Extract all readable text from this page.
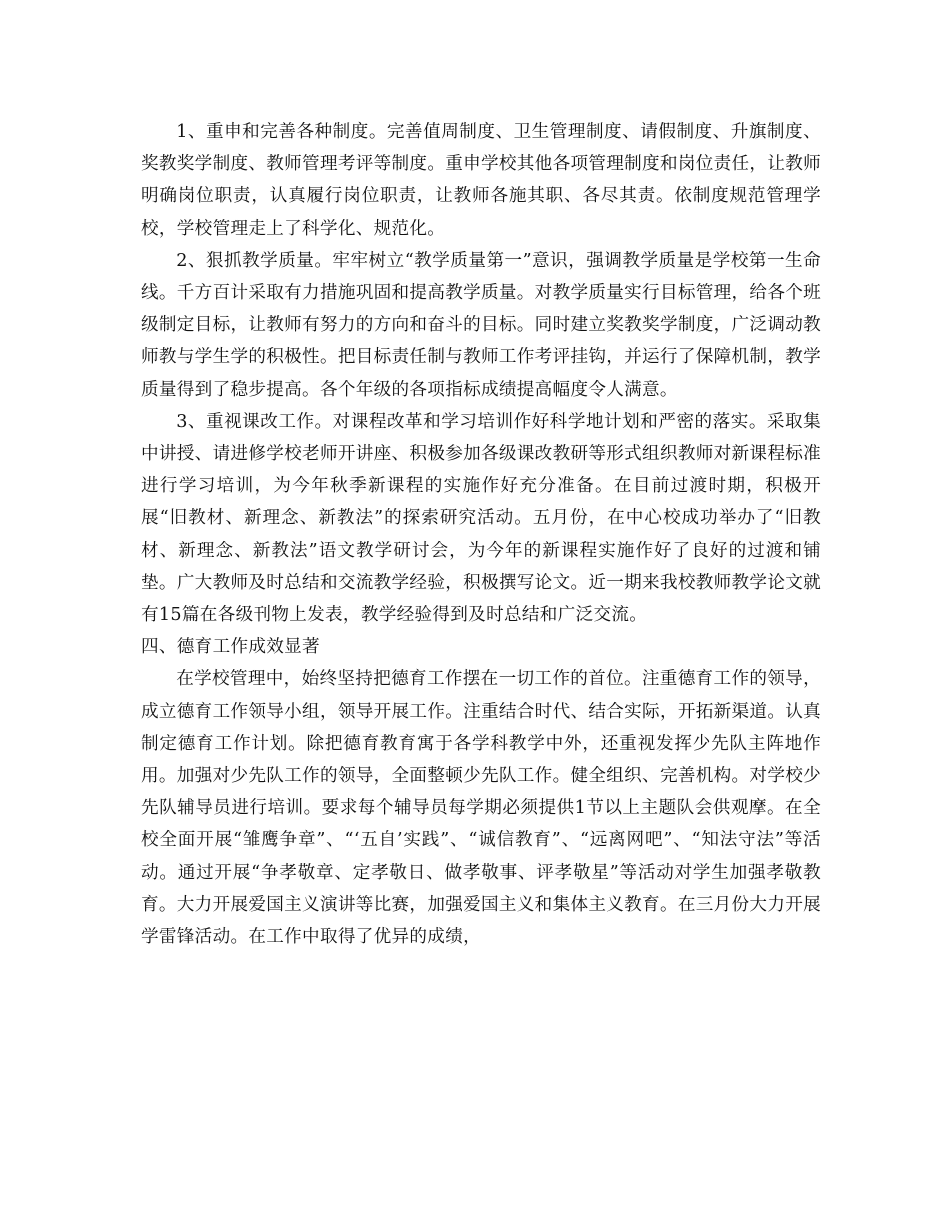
1、重申和完善各种制度。完善值周制度、卫生管理制度、请假制度、升旗制度、奖教奖学制度、教师管理考评等制度。重申学校其他各项管理制度和岗位责任，让教师明确岗位职责，认真履行岗位职责，让教师各施其职、各尽其责。依制度规范管理学校，学校管理走上了科学化、规范化。

2、狠抓教学质量。牢牢树立“教学质量第一”意识，强调教学质量是学校第一生命线。千方百计采取有力措施巩固和提高教学质量。对教学质量实行目标管理，给各个班级制定目标，让教师有努力的方向和奋斗的目标。同时建立奖教奖学制度，广泛调动教师教与学生学的积极性。把目标责任制与教师工作考评挂钩，并运行了保障机制，教学质量得到了稳步提高。各个年级的各项指标成绩提高幅度令人满意。

3、重视课改工作。对课程改革和学习培训作好科学地计划和严密的落实。采取集中讲授、请进修学校老师开讲座、积极参加各级课改教研等形式组织教师对新课程标准进行学习培训，为今年秋季新课程的实施作好充分准备。在目前过渡时期，积极开展“旧教材、新理念、新教法”的探索研究活动。五月份，在中心校成功举办了“旧教材、新理念、新教法”语文教学研讨会，为今年的新课程实施作好了良好的过渡和铺垫。广大教师及时总结和交流教学经验，积极撰写论文。近一期来我校教师教学论文就有15篇在各级刊物上发表，教学经验得到及时总结和广泛交流。

四、德育工作成效显著

在学校管理中，始终坚持把德育工作摆在一切工作的首位。注重德育工作的领导，成立德育工作领导小组，领导开展工作。注重结合时代、结合实际，开拓新渠道。认真制定德育工作计划。除把德育教育寓于各学科教学中外，还重视发挥少先队主阵地作用。加强对少先队工作的领导，全面整顿少先队工作。健全组织、完善机构。对学校少先队辅导员进行培训。要求每个辅导员每学期必须提供1节以上主题队会供观摩。在全校全面开展“雏鹰争章”、“‘五自’实践”、“诚信教育”、“远离网吧”、“知法守法”等活动。通过开展“争孝敬章、定孝敬日、做孝敬事、评孝敬星”等活动对学生加强孝敬教育。大力开展爱国主义演讲等比赛，加强爱国主义和集体主义教育。在三月份大力开展学雷锋活动。在工作中取得了优异的成绩，
